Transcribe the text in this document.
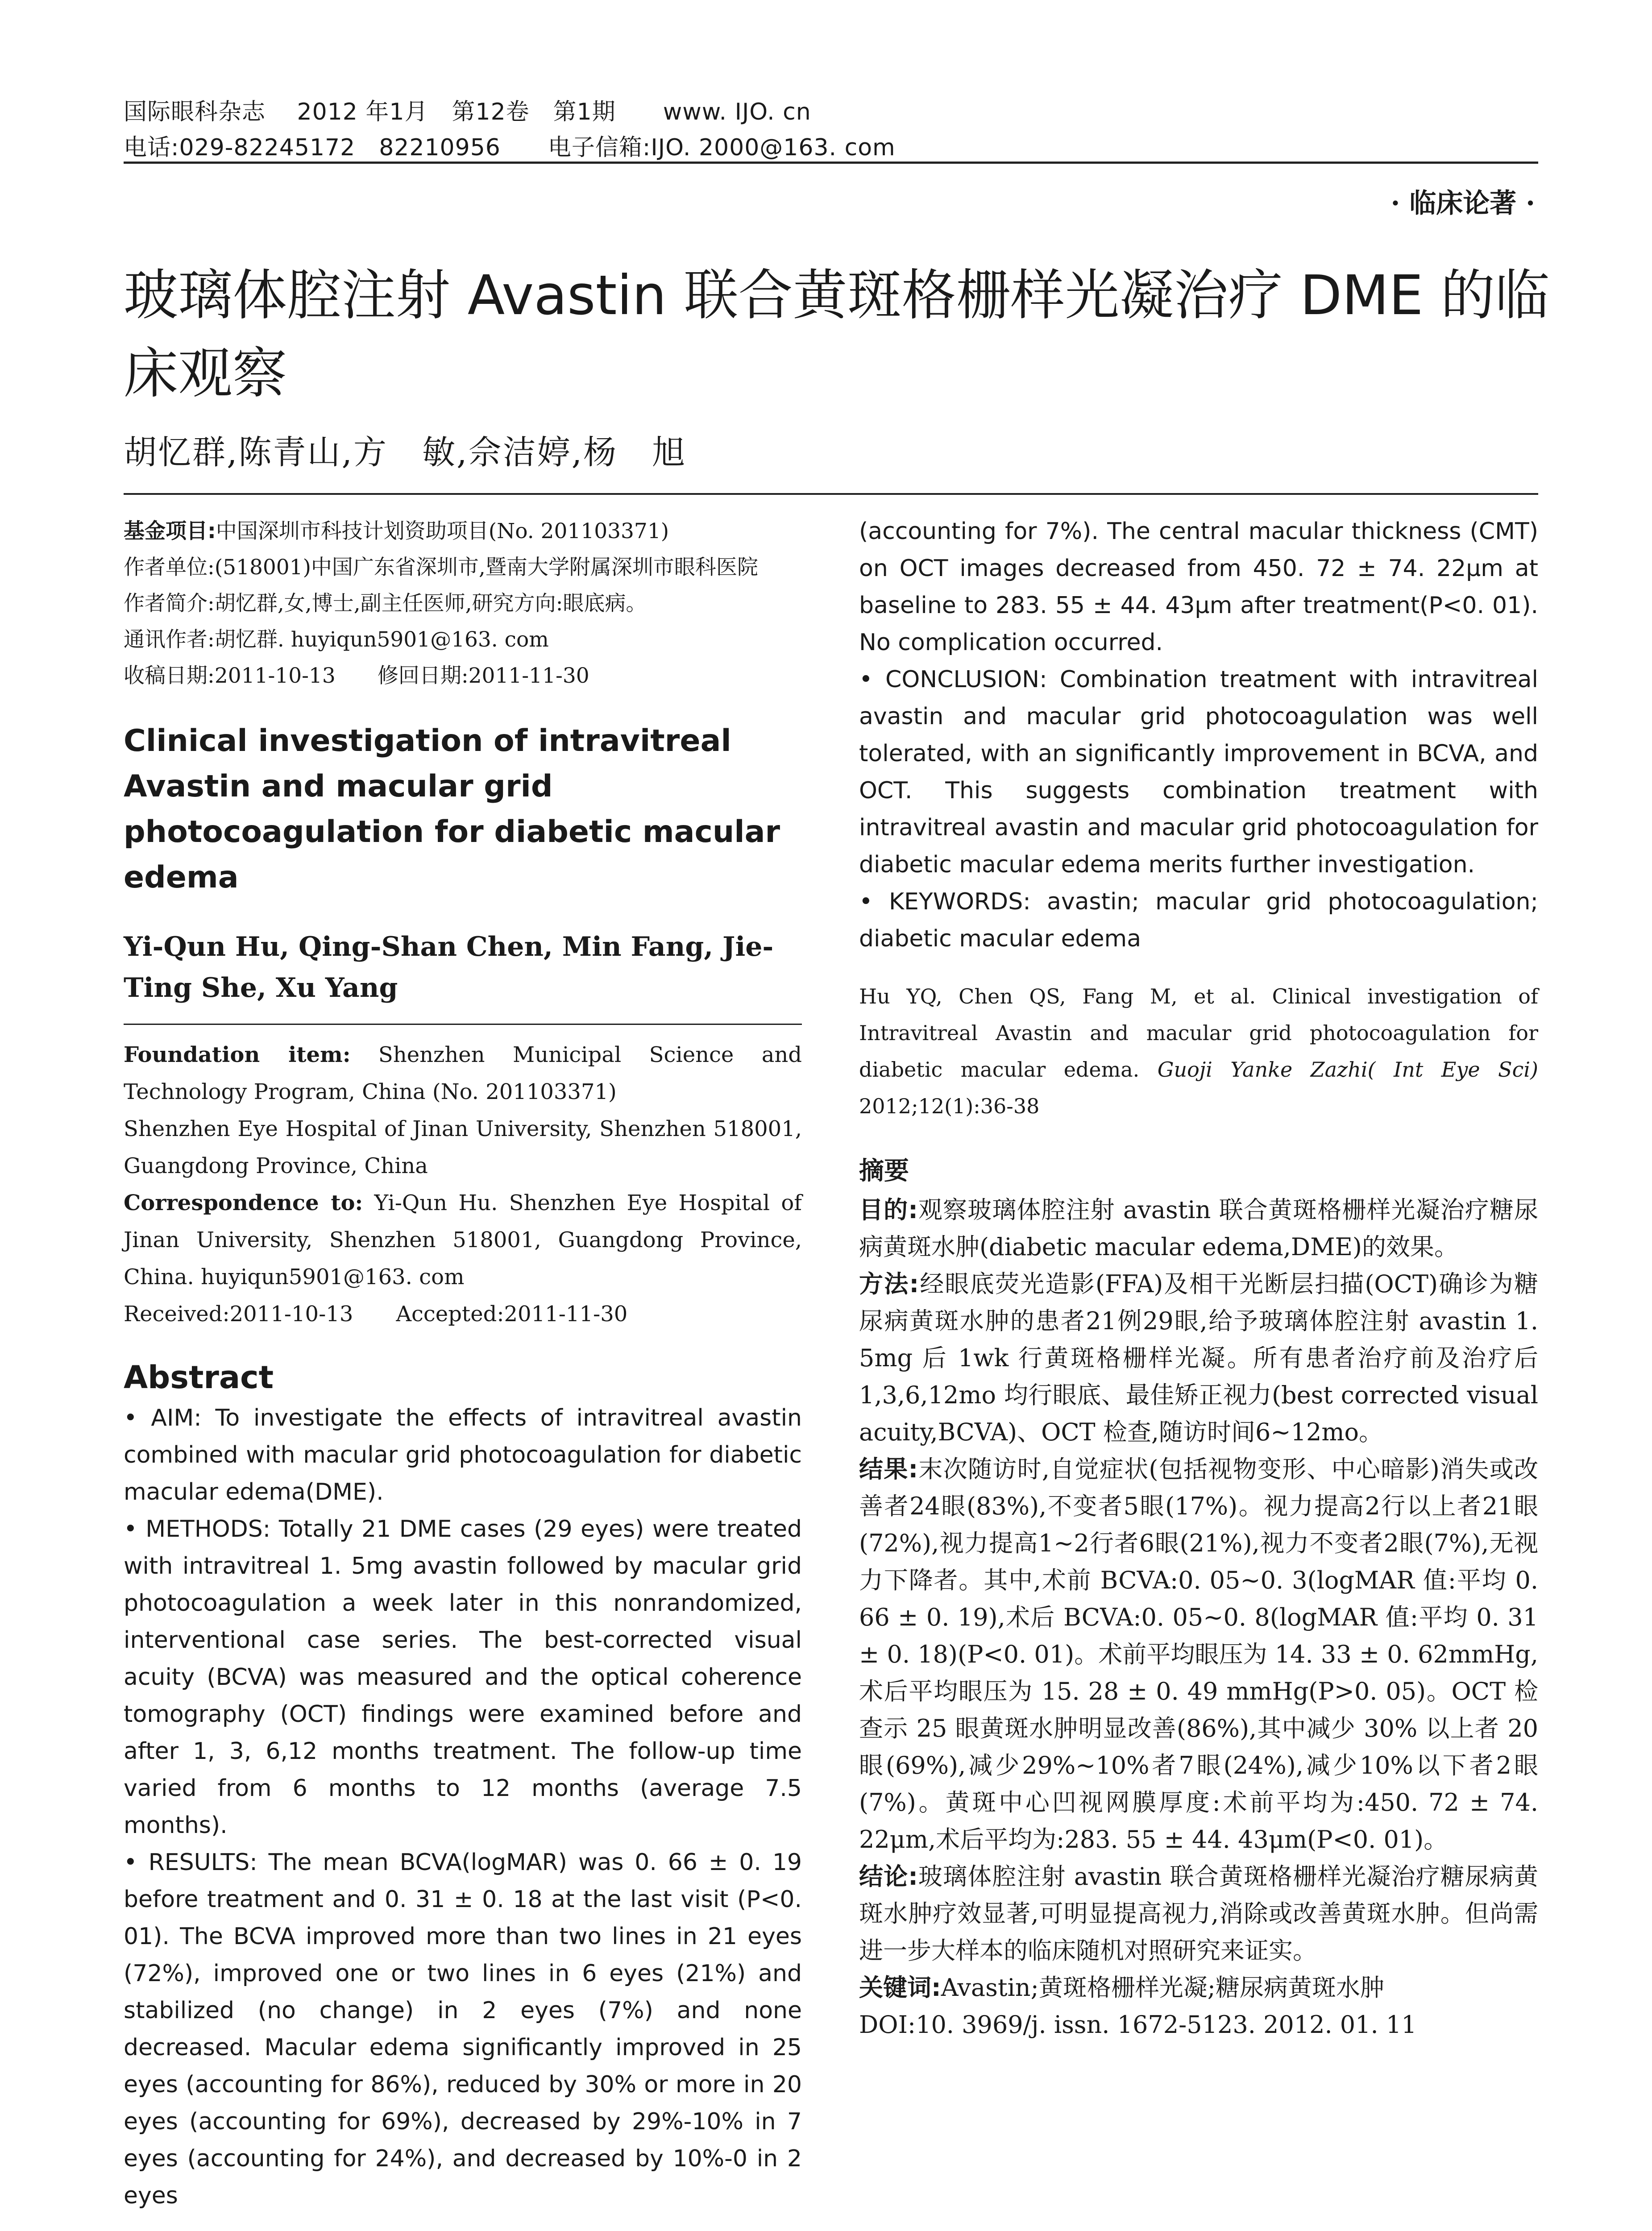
国际眼科杂志　 2012 年1月　第12卷　第1期　　www. IJO. cn
电话:029-82245172　82210956　　电子信箱:IJO. 2000@163. com
· 临床论著 ·
玻璃体腔注射 Avastin 联合黄斑格栅样光凝治疗 DME 的临床观察
胡忆群,陈青山,方　敏,佘洁婷,杨　旭
基金项目:中国深圳市科技计划资助项目(No. 201103371)
作者单位:(518001)中国广东省深圳市,暨南大学附属深圳市眼科医院
作者简介:胡忆群,女,博士,副主任医师,研究方向:眼底病。
通讯作者:胡忆群. huyiqun5901@163. com
收稿日期:2011-10-13　　修回日期:2011-11-30
Clinical investigation of intravitreal Avastin and macular grid photocoagulation for diabetic macular edema
Yi-Qun Hu, Qing-Shan Chen, Min Fang, Jie-Ting She, Xu Yang
Foundation item: Shenzhen Municipal Science and Technology Program, China (No. 201103371)
Shenzhen Eye Hospital of Jinan University, Shenzhen 518001, Guangdong Province, China
Correspondence to: Yi-Qun Hu. Shenzhen Eye Hospital of Jinan University, Shenzhen 518001, Guangdong Province, China. huyiqun5901@163. com
Received:2011-10-13　　Accepted:2011-11-30
Abstract
• AIM: To investigate the effects of intravitreal avastin combined with macular grid photocoagulation for diabetic macular edema(DME).
• METHODS: Totally 21 DME cases (29 eyes) were treated with intravitreal 1. 5mg avastin followed by macular grid photocoagulation a week later in this nonrandomized, interventional case series. The best-corrected visual acuity (BCVA) was measured and the optical coherence tomography (OCT) findings were examined before and after 1, 3, 6,12 months treatment. The follow-up time varied from 6 months to 12 months (average 7.5 months).
• RESULTS: The mean BCVA(logMAR) was 0. 66 ± 0. 19 before treatment and 0. 31 ± 0. 18 at the last visit (P<0. 01). The BCVA improved more than two lines in 21 eyes (72%), improved one or two lines in 6 eyes (21%) and stabilized (no change) in 2 eyes (7%) and none decreased. Macular edema significantly improved in 25 eyes (accounting for 86%), reduced by 30% or more in 20 eyes (accounting for 69%), decreased by 29%-10% in 7 eyes (accounting for 24%), and decreased by 10%-0 in 2 eyes
(accounting for 7%). The central macular thickness (CMT) on OCT images decreased from 450. 72 ± 74. 22μm at baseline to 283. 55 ± 44. 43μm after treatment(P<0. 01). No complication occurred.
• CONCLUSION: Combination treatment with intravitreal avastin and macular grid photocoagulation was well tolerated, with an significantly improvement in BCVA, and OCT. This suggests combination treatment with intravitreal avastin and macular grid photocoagulation for diabetic macular edema merits further investigation.
• KEYWORDS: avastin; macular grid photocoagulation; diabetic macular edema
Hu YQ, Chen QS, Fang M, et al. Clinical investigation of Intravitreal Avastin and macular grid photocoagulation for diabetic macular edema. Guoji Yanke Zazhi( Int Eye Sci) 2012;12(1):36-38
摘要
目的:观察玻璃体腔注射 avastin 联合黄斑格栅样光凝治疗糖尿病黄斑水肿(diabetic macular edema,DME)的效果。
方法:经眼底荧光造影(FFA)及相干光断层扫描(OCT)确诊为糖尿病黄斑水肿的患者21例29眼,给予玻璃体腔注射 avastin 1. 5mg 后 1wk 行黄斑格栅样光凝。所有患者治疗前及治疗后1,3,6,12mo 均行眼底、最佳矫正视力(best corrected visual acuity,BCVA)、OCT 检查,随访时间6~12mo。
结果:末次随访时,自觉症状(包括视物变形、中心暗影)消失或改善者24眼(83%),不变者5眼(17%)。视力提高2行以上者21眼(72%),视力提高1~2行者6眼(21%),视力不变者2眼(7%),无视力下降者。其中,术前 BCVA:0. 05~0. 3(logMAR 值:平均 0. 66 ± 0. 19),术后 BCVA:0. 05~0. 8(logMAR 值:平均 0. 31 ± 0. 18)(P<0. 01)。术前平均眼压为 14. 33 ± 0. 62mmHg,术后平均眼压为 15. 28 ± 0. 49 mmHg(P>0. 05)。OCT 检查示 25 眼黄斑水肿明显改善(86%),其中减少 30% 以上者 20 眼(69%),减少29%~10%者7眼(24%),减少10%以下者2眼(7%)。黄斑中心凹视网膜厚度:术前平均为:450. 72 ± 74. 22μm,术后平均为:283. 55 ± 44. 43μm(P<0. 01)。
结论:玻璃体腔注射 avastin 联合黄斑格栅样光凝治疗糖尿病黄斑水肿疗效显著,可明显提高视力,消除或改善黄斑水肿。但尚需进一步大样本的临床随机对照研究来证实。
关键词:Avastin;黄斑格栅样光凝;糖尿病黄斑水肿
DOI:10. 3969/j. issn. 1672-5123. 2012. 01. 11
